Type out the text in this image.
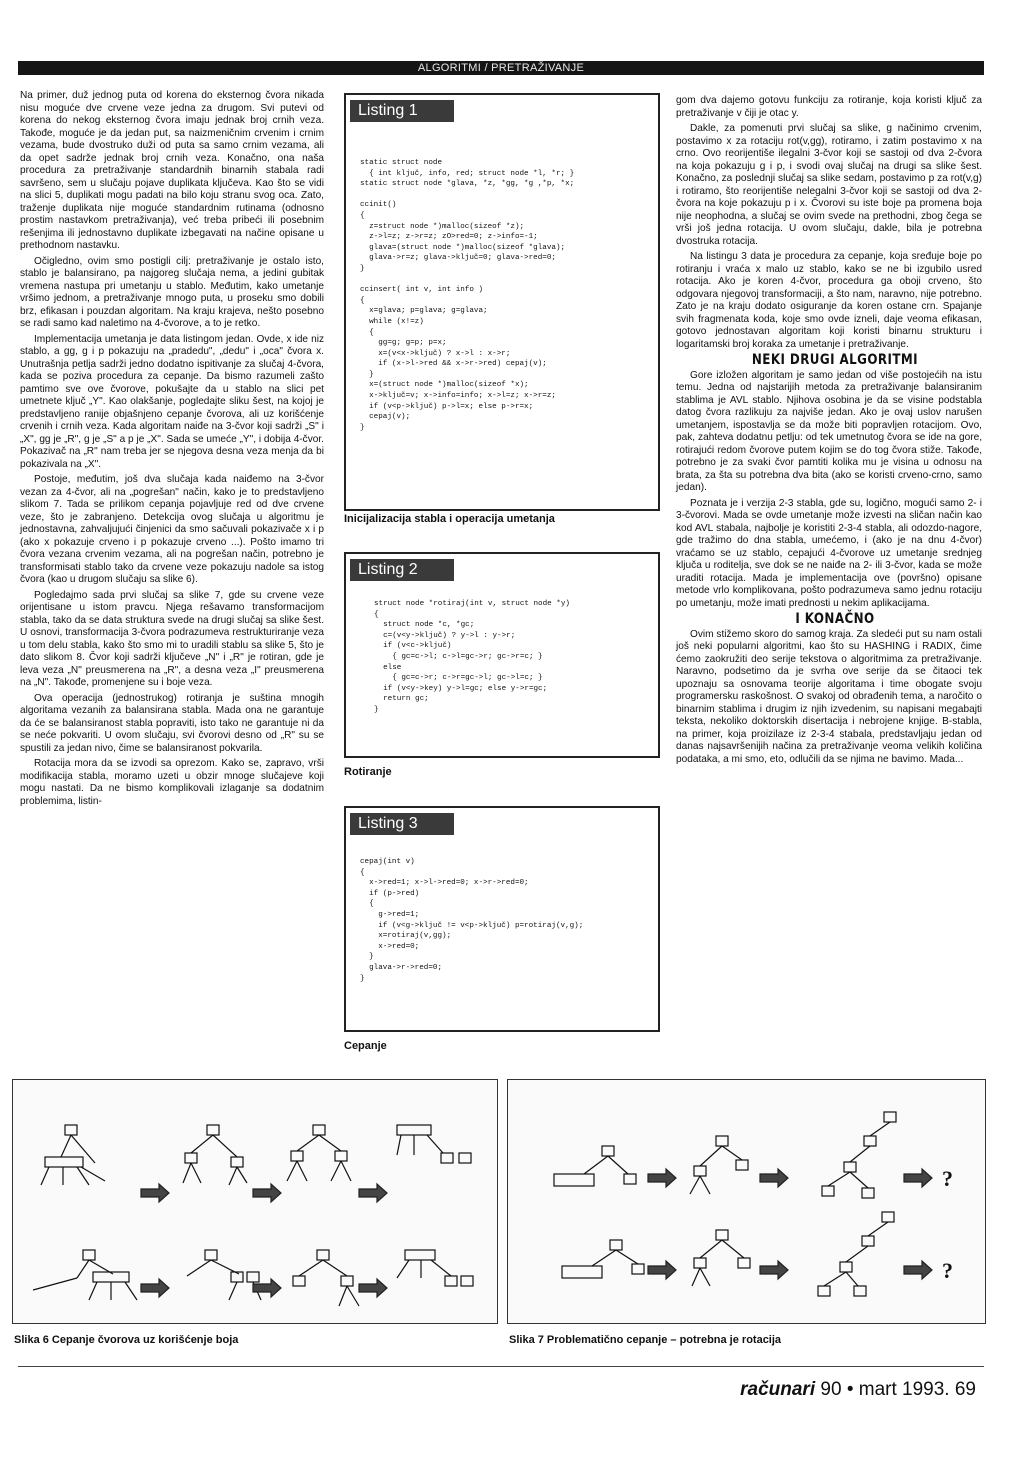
ALGORITMI / PRETRAŽIVANJE

Na primer, duž jednog puta od korena do eksternog čvora nikada nisu moguće dve crvene veze jedna za drugom. Svi putevi od korena do nekog eksternog čvora imaju jednak broj crnih veza. Takođe, moguće je da jedan put, sa naizmeničnim crvenim i crnim vezama, bude dvostruko duži od puta sa samo crnim vezama, ali da opet sadrže jednak broj crnih veza. Konačno, ona naša procedura za pretraživanje standardnih binarnih stabala radi savršeno, sem u slučaju pojave duplikata ključeva. Kao što se vidi na slici 5, duplikati mogu padati na bilo koju stranu svog oca. Zato, traženje duplikata nije moguće standardnim rutinama (odnosno prostim nastavkom pretraživanja), već treba pribeći ili posebnim rešenjima ili jednostavno duplikate izbegavati na načine opisane u prethodnom nastavku.

Očigledno, ovim smo postigli cilj: pretraživanje je ostalo isto, stablo je balansirano, pa najgoreg slučaja nema, a jedini gubitak vremena nastupa pri umetanju u stablo. Međutim, kako umetanje vršimo jednom, a pretraživanje mnogo puta, u proseku smo dobili brz, efikasan i pouzdan algoritam. Na kraju krajeva, nešto posebno se radi samo kad naletimo na 4-čvorove, a to je retko.

Implementacija umetanja je data listingom jedan. Ovde, x ide niz stablo, a gg, g i p pokazuju na „pradedu", „dedu" i „oca" čvora x. Unutrašnja petlja sadrži jedno dodatno ispitivanje za slučaj 4-čvora, kada se poziva procedura za cepanje. Da bismo razumeli zašto pamtimo sve ove čvorove, pokušajte da u stablo na slici pet umetnete ključ „Y". Kao olakšanje, pogledajte sliku šest, na kojoj je predstavljeno ranije objašnjeno cepanje čvorova, ali uz korišćenje crvenih i crnih veza. Kada algoritam naiđe na 3-čvor koji sadrži „S" i „X", gg je „R", g je „S" a p je „X". Sada se umeće „Y", i dobija 4-čvor. Pokazivač na „R" nam treba jer se njegova desna veza menja da bi pokazivala na „X".

Postoje, međutim, još dva slučaja kada naiđemo na 3-čvor vezan za 4-čvor, ali na „pogrešan" način, kako je to predstavljeno slikom 7. Tada se prilikom cepanja pojavljuje red od dve crvene veze, što je zabranjeno. Detekcija ovog slučaja u algoritmu je jednostavna, zahvaljujući činjenici da smo sačuvali pokazivače x i p (ako x pokazuje crveno i p pokazuje crveno ...). Pošto imamo tri čvora vezana crvenim vezama, ali na pogrešan način, potrebno je transformisati stablo tako da crvene veze pokazuju nadole sa istog čvora (kao u drugom slučaju sa slike 6).

Pogledajmo sada prvi slučaj sa slike 7, gde su crvene veze orijentisane u istom pravcu. Njega rešavamo transformacijom stabla, tako da se data struktura svede na drugi slučaj sa slike šest. U osnovi, transformacija 3-čvora podrazumeva restrukturiranje veza u tom delu stabla, kako što smo mi to uradili stablu sa slike 5, što je dato slikom 8. Čvor koji sadrži ključeve „N" i „R" je rotiran, gde je leva veza „N" preusmerena na „R", a desna veza „I" preusmerena na „N". Takođe, promenjene su i boje veza.

Ova operacija (jednostrukog) rotiranja je suština mnogih algoritama vezanih za balansirana stabla. Mada ona ne garantuje da će se balansiranost stabla popraviti, isto tako ne garantuje ni da se neće pokvariti. U ovom slučaju, svi čvorovi desno od „R" su se spustili za jedan nivo, čime se balansiranost pokvarila.

Rotacija mora da se izvodi sa oprezom. Kako se, zapravo, vrši modifikacija stabla, moramo uzeti u obzir mnoge slučajeve koji mogu nastati. Da ne bismo komplikovali izlaganje sa dodatnim problemima, listin-

Listing 1
static struct node
{ int ključ, info, red; struct node *l, *r; }
static struct node *glava, *z, *gg, *g ,*p, *x;

ccinit()
{
z=struct node *)malloc(sizeof *z);
z->l=z; z->r=z; zO>red=0; z->info=-1;
glava=(struct node *)malloc(sizeof *glava);
glava->r=z; glava->ključ=0; glava->red=0;
}

ccinsert( int v, int info )
{
x=glava; p=glava; g=glava;
while (x!=z)
{
gg=g; g=p; p=x;
x=(v<x->ključ) ? x->l : x->r;
if (x->l->red && x->r->red) cepaj(v);
}
x=(struct node *)malloc(sizeof *x);
x->ključ=v; x->info=info; x->l=z; x->r=z;
if (v<p->ključ) p->l=x; else p->r=x;
cepaj(v);
}
Inicijalizacija stabla i operacija umetanja
Listing 2
struct node *rotiraj(int v, struct node *y)
{
struct node *c, *gc;
c=(v<y->ključ) ? y->l : y->r;
if (v<c->ključ)
{ gc=c->l; c->l=gc->r; gc->r=c; }
else
{ gc=c->r; c->r=gc->l; gc->l=c; }
if (v<y->key) y->l=gc; else y->r=gc;
return gc;
}
Rotiranje
Listing 3
cepaj(int v)
{
x->red=1; x->l->red=0; x->r->red=0;
if (p->red)
{
g->red=1;
if (v<g->ključ != v<p->ključ) p=rotiraj(v,g);
x=rotiraj(v,gg);
x->red=0;
}
glava->r->red=0;
}
Cepanje

gom dva dajemo gotovu funkciju za rotiranje, koja koristi ključ za pretraživanje v čiji je otac y.

Dakle, za pomenuti prvi slučaj sa slike, g načinimo crvenim, postavimo x za rotaciju rot(v,gg), rotiramo, i zatim postavimo x na crno. Ovo reorijentiše ilegalni 3-čvor koji se sastoji od dva 2-čvora na koja pokazuju g i p, i svodi ovaj slučaj na drugi sa slike šest. Konačno, za poslednji slučaj sa slike sedam, postavimo p za rot(v,g) i rotiramo, što reorijentiše nelegalni 3-čvor koji se sastoji od dva 2-čvora na koje pokazuju p i x. Čvorovi su iste boje pa promena boja nije neophodna, a slučaj se ovim svede na prethodni, zbog čega se vrši još jedna rotacija. U ovom slučaju, dakle, bila je potrebna dvostruka rotacija.

Na listingu 3 data je procedura za cepanje, koja sređuje boje po rotiranju i vraća x malo uz stablo, kako se ne bi izgubilo usred rotacija. Ako je koren 4-čvor, procedura ga oboji crveno, što odgovara njegovoj transformaciji, a što nam, naravno, nije potrebno. Zato je na kraju dodato osiguranje da koren ostane crn. Spajanje svih fragmenata koda, koje smo ovde izneli, daje veoma efikasan, gotovo jednostavan algoritam koji koristi binarnu strukturu i logaritamski broj koraka za umetanje i pretraživanje.

NEKI DRUGI ALGORITMI

Gore izložen algoritam je samo jedan od više postojećih na istu temu. Jedna od najstarijih metoda za pretraživanje balansiranim stablima je AVL stablo. Njihova osobina je da se visine podstabla datog čvora razlikuju za najviše jedan. Ako je ovaj uslov narušen umetanjem, ispostavlja se da može biti popravljen rotacijom. Ovo, pak, zahteva dodatnu petlju: od tek umetnutog čvora se ide na gore, rotirajući redom čvorove putem kojim se do tog čvora stiže. Takođe, potrebno je za svaki čvor pamtiti kolika mu je visina u odnosu na brata, za šta su potrebna dva bita (ako se koristi crveno-crno, samo jedan).

Poznata je i verzija 2-3 stabla, gde su, logično, mogući samo 2- i 3-čvorovi. Mada se ovde umetanje može izvesti na sličan način kao kod AVL stabala, najbolje je koristiti 2-3-4 stabla, ali odozdo-nagore, gde tražimo do dna stabla, umećemo, i (ako je na dnu 4-čvor) vraćamo se uz stablo, cepajući 4-čvorove uz umetanje srednjeg ključa u roditelja, sve dok se ne naiđe na 2- ili 3-čvor, kada se može uraditi rotacija. Mada je implementacija ove (površno) opisane metode vrlo komplikovana, pošto podrazumeva samo jednu rotaciju po umetanju, može imati prednosti u nekim aplikacijama.

I KONAČNO

Ovim stižemo skoro do samog kraja. Za sledeći put su nam ostali još neki popularni algoritmi, kao što su HASHING i RADIX, čime ćemo zaokružiti deo serije tekstova o algoritmima za pretraživanje. Naravno, podsetimo da je svrha ove serije da se čitaoci tek upoznaju sa osnovama teorije algoritama i time obogate svoju programersku raskošnost. O svakoj od obrađenih tema, a naročito o binarnim stablima i drugim iz njih izvedenim, su napisani megabajti teksta, nekoliko doktorskih disertacija i nebrojene knjige. B-stabla, na primer, koja proizilaze iz 2-3-4 stabala, predstavljaju jedan od danas najsavršenijih načina za pretraživanje veoma velikih količina podataka, a mi smo, eto, odlučili da se njima ne bavimo. Mada...

Slika 6 Cepanje čvorova uz korišćenje boja
?
?
Slika 7 Problematično cepanje – potrebna je rotacija
računari 90 • mart 1993. 69
